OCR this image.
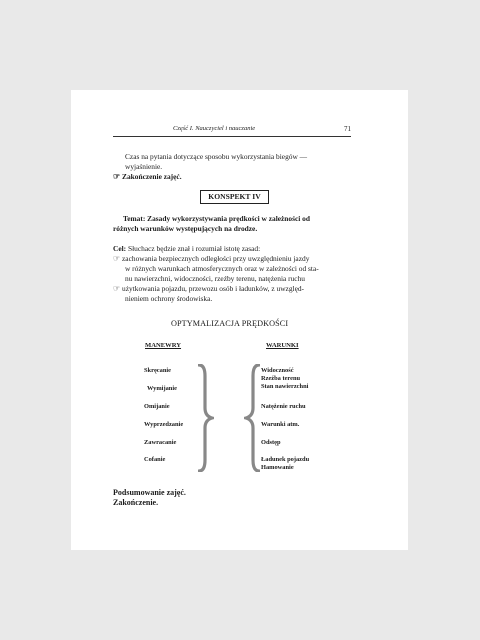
Część I. Nauczyciel i nauczanie	71
Czas na pytania dotyczące sposobu wykorzystania biegów —
wyjaśnienie.
☞ Zakończenie zajęć.
KONSPEKT IV
Temat: Zasady wykorzystywania prędkości w zależności od
różnych warunków występujących na drodze.
Cel: Słuchacz będzie znał i rozumiał istotę zasad:
☞ zachowania bezpiecznych odległości przy uwzględnieniu jazdy
w różnych warunkach atmosferycznych oraz w zależności od sta-
nu nawierzchni, widoczności, rzeźby terenu, natężenia ruchu
☞ użytkowania pojazdu, przewozu osób i ładunków, z uwzględ-
nieniem ochrony środowiska.
OPTYMALIZACJA PRĘDKOŚCI
MANEWRY	WARUNKI
Skręcanie
Wymijanie
Omijanie
Wyprzedzanie
Zawracanie
Cofanie
Widoczność
Rzeźba terenu
Stan nawierzchni
Natężenie ruchu
Warunki atm.
Odstęp
Ładunek pojazdu
Hamowanie
Podsumowanie zajęć.
Zakończenie.
